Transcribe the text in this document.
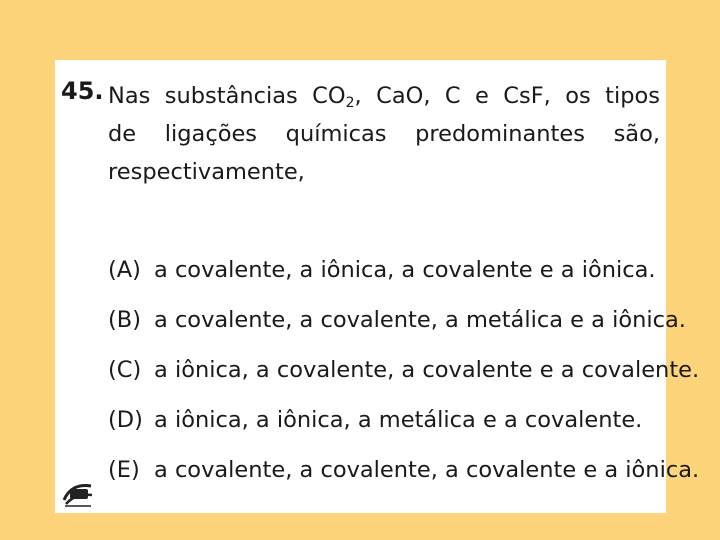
45. Nas substâncias $CO_2$, CaO, C e CsF, os tipos
de ligações químicas predominantes são,
respectivamente,
(A) a covalente, a iônica, a covalente e a iônica.
(B) a covalente, a covalente, a metálica e a iônica.
(C) a iônica, a covalente, a covalente e a covalente.
(D) a iônica, a iônica, a metálica e a covalente.
(E) a covalente, a covalente, a covalente e a iônica.
